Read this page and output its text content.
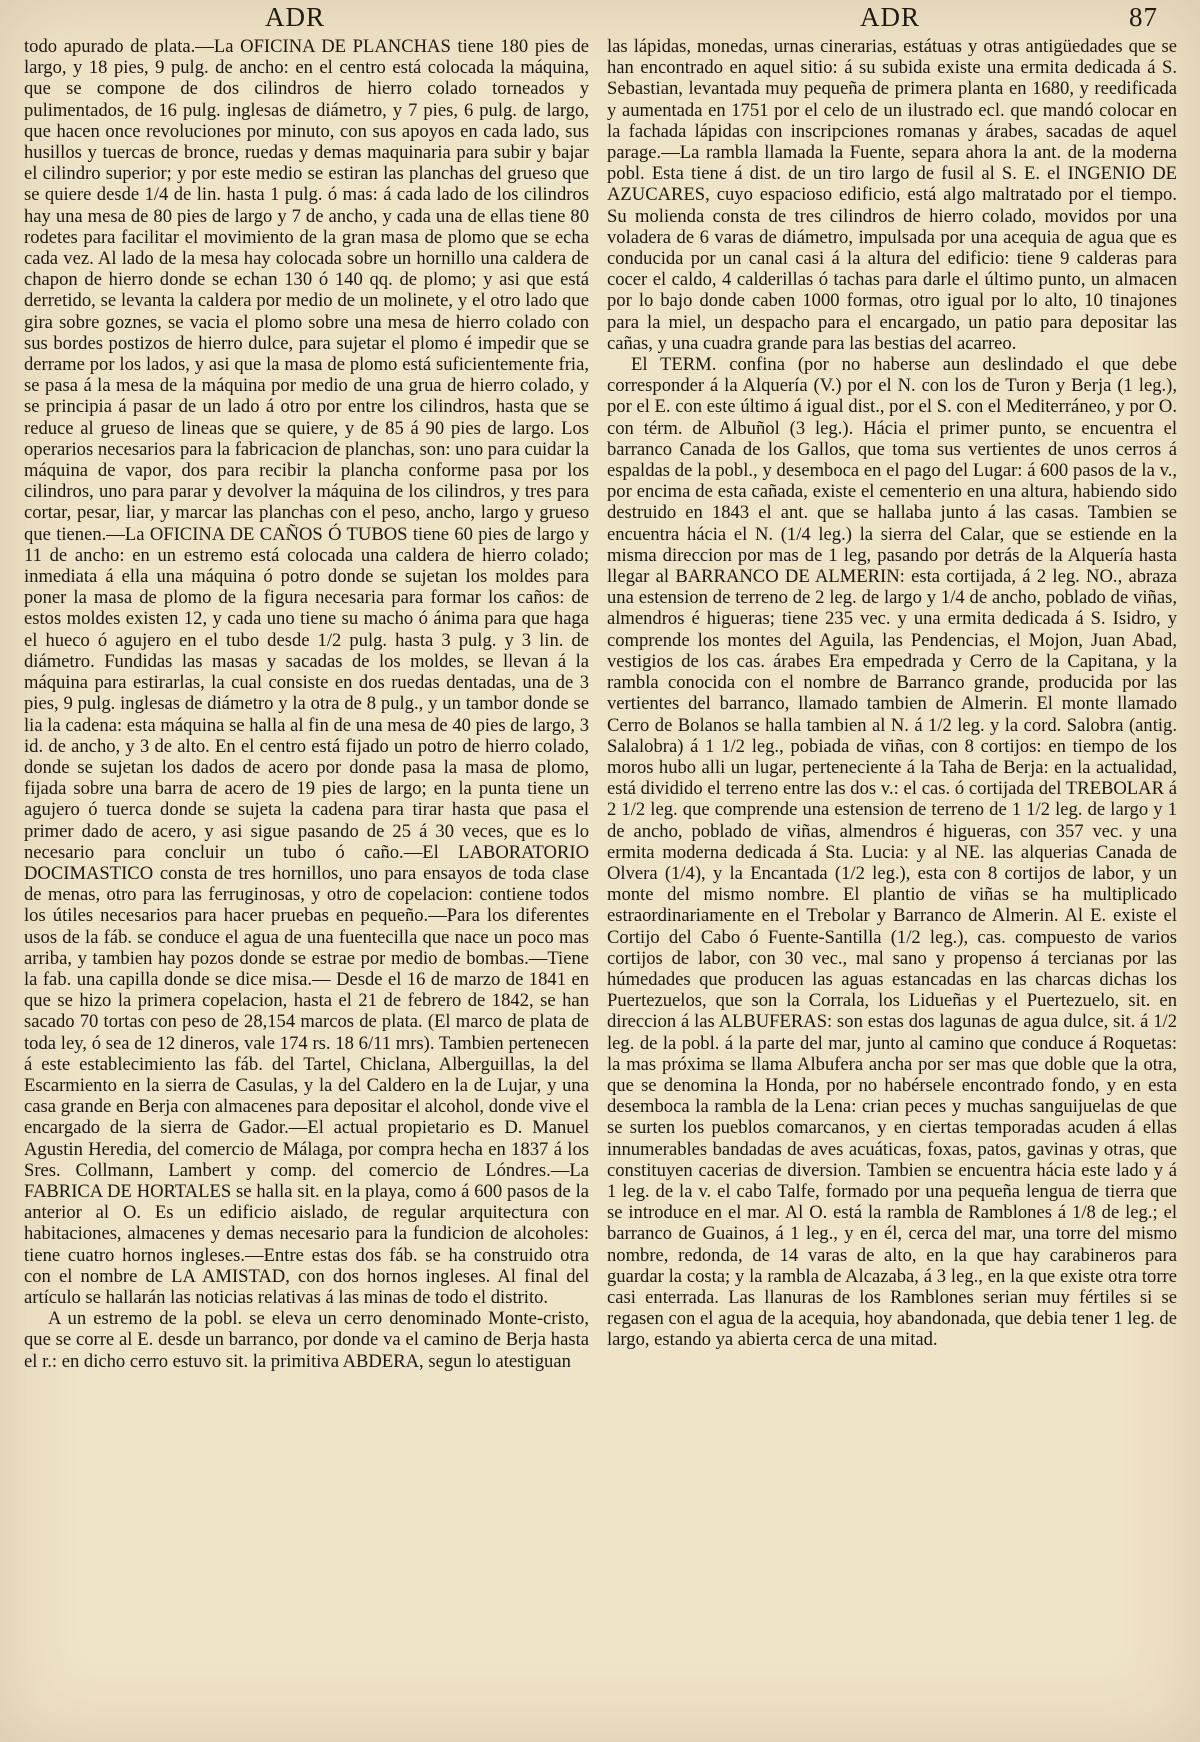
ADR	ADR	87

todo apurado de plata.—La OFICINA DE PLANCHAS tiene 180 pies de largo, y 18 pies, 9 pulg. de ancho: en el centro está colocada la máquina, que se compone de dos cilindros de hierro colado torneados y pulimentados, de 16 pulg. inglesas de diámetro, y 7 pies, 6 pulg. de largo, que hacen once revoluciones por minuto, con sus apoyos en cada lado, sus husillos y tuercas de bronce, ruedas y demas maquinaria para subir y bajar el cilindro superior; y por este medio se estiran las planchas del grueso que se quiere desde 1/4 de lin. hasta 1 pulg. ó mas: á cada lado de los cilindros hay una mesa de 80 pies de largo y 7 de ancho, y cada una de ellas tiene 80 rodetes para facilitar el movimiento de la gran masa de plomo que se echa cada vez. Al lado de la mesa hay colocada sobre un hornillo una caldera de chapon de hierro donde se echan 130 ó 140 qq. de plomo; y asi que está derretido, se levanta la caldera por medio de un molinete, y el otro lado que gira sobre goznes, se vacia el plomo sobre una mesa de hierro colado con sus bordes postizos de hierro dulce, para sujetar el plomo é impedir que se derrame por los lados, y asi que la masa de plomo está suficientemente fria, se pasa á la mesa de la máquina por medio de una grua de hierro colado, y se principia á pasar de un lado á otro por entre los cilindros, hasta que se reduce al grueso de lineas que se quiere, y de 85 á 90 pies de largo. Los operarios necesarios para la fabricacion de planchas, son: uno para cuidar la máquina de vapor, dos para recibir la plancha conforme pasa por los cilindros, uno para parar y devolver la máquina de los cilindros, y tres para cortar, pesar, liar, y marcar las planchas con el peso, ancho, largo y grueso que tienen.—La OFICINA DE CAÑOS Ó TUBOS tiene 60 pies de largo y 11 de ancho: en un estremo está colocada una caldera de hierro colado; inmediata á ella una máquina ó potro donde se sujetan los moldes para poner la masa de plomo de la figura necesaria para formar los caños: de estos moldes existen 12, y cada uno tiene su macho ó ánima para que haga el hueco ó agujero en el tubo desde 1/2 pulg. hasta 3 pulg. y 3 lin. de diámetro. Fundidas las masas y sacadas de los moldes, se llevan á la máquina para estirarlas, la cual consiste en dos ruedas dentadas, una de 3 pies, 9 pulg. inglesas de diámetro y la otra de 8 pulg., y un tambor donde se lia la cadena: esta máquina se halla al fin de una mesa de 40 pies de largo, 3 id. de ancho, y 3 de alto. En el centro está fijado un potro de hierro colado, donde se sujetan los dados de acero por donde pasa la masa de plomo, fijada sobre una barra de acero de 19 pies de largo; en la punta tiene un agujero ó tuerca donde se sujeta la cadena para tirar hasta que pasa el primer dado de acero, y asi sigue pasando de 25 á 30 veces, que es lo necesario para concluir un tubo ó caño.—El LABORATORIO DOCIMASTICO consta de tres hornillos, uno para ensayos de toda clase de menas, otro para las ferruginosas, y otro de copelacion: contiene todos los útiles necesarios para hacer pruebas en pequeño.—Para los diferentes usos de la fáb. se conduce el agua de una fuentecilla que nace un poco mas arriba, y tambien hay pozos donde se estrae por medio de bombas.—Tiene la fab. una capilla donde se dice misa.— Desde el 16 de marzo de 1841 en que se hizo la primera copelacion, hasta el 21 de febrero de 1842, se han sacado 70 tortas con peso de 28,154 marcos de plata. (El marco de plata de toda ley, ó sea de 12 dineros, vale 174 rs. 18 6/11 mrs). Tambien pertenecen á este establecimiento las fáb. del Tartel, Chiclana, Alberguillas, la del Escarmiento en la sierra de Casulas, y la del Caldero en la de Lujar, y una casa grande en Berja con almacenes para depositar el alcohol, donde vive el encargado de la sierra de Gador.—El actual propietario es D. Manuel Agustin Heredia, del comercio de Málaga, por compra hecha en 1837 á los Sres. Collmann, Lambert y comp. del comercio de Lóndres.—La FABRICA DE HORTALES se halla sit. en la playa, como á 600 pasos de la anterior al O. Es un edificio aislado, de regular arquitectura con habitaciones, almacenes y demas necesario para la fundicion de alcoholes: tiene cuatro hornos ingleses.—Entre estas dos fáb. se ha construido otra con el nombre de LA AMISTAD, con dos hornos ingleses. Al final del artículo se hallarán las noticias relativas á las minas de todo el distrito.

A un estremo de la pobl. se eleva un cerro denominado Monte-cristo, que se corre al E. desde un barranco, por donde va el camino de Berja hasta el r.: en dicho cerro estuvo sit. la primitiva ABDERA, segun lo atestiguan

las lápidas, monedas, urnas cinerarias, estátuas y otras antigüedades que se han encontrado en aquel sitio: á su subida existe una ermita dedicada á S. Sebastian, levantada muy pequeña de primera planta en 1680, y reedificada y aumentada en 1751 por el celo de un ilustrado ecl. que mandó colocar en la fachada lápidas con inscripciones romanas y árabes, sacadas de aquel parage.—La rambla llamada la Fuente, separa ahora la ant. de la moderna pobl. Esta tiene á dist. de un tiro largo de fusil al S. E. el INGENIO DE AZUCARES, cuyo espacioso edificio, está algo maltratado por el tiempo. Su molienda consta de tres cilindros de hierro colado, movidos por una voladera de 6 varas de diámetro, impulsada por una acequia de agua que es conducida por un canal casi á la altura del edificio: tiene 9 calderas para cocer el caldo, 4 calderillas ó tachas para darle el último punto, un almacen por lo bajo donde caben 1000 formas, otro igual por lo alto, 10 tinajones para la miel, un despacho para el encargado, un patio para depositar las cañas, y una cuadra grande para las bestias del acarreo.

El TERM. confina (por no haberse aun deslindado el que debe corresponder á la Alquería (V.) por el N. con los de Turon y Berja (1 leg.), por el E. con este último á igual dist., por el S. con el Mediterráneo, y por O. con térm. de Albuñol (3 leg.). Hácia el primer punto, se encuentra el barranco Canada de los Gallos, que toma sus vertientes de unos cerros á espaldas de la pobl., y desemboca en el pago del Lugar: á 600 pasos de la v., por encima de esta cañada, existe el cementerio en una altura, habiendo sido destruido en 1843 el ant. que se hallaba junto á las casas. Tambien se encuentra hácia el N. (1/4 leg.) la sierra del Calar, que se estiende en la misma direccion por mas de 1 leg, pasando por detrás de la Alquería hasta llegar al BARRANCO DE ALMERIN: esta cortijada, á 2 leg. NO., abraza una estension de terreno de 2 leg. de largo y 1/4 de ancho, poblado de viñas, almendros é higueras; tiene 235 vec. y una ermita dedicada á S. Isidro, y comprende los montes del Aguila, las Pendencias, el Mojon, Juan Abad, vestigios de los cas. árabes Era empedrada y Cerro de la Capitana, y la rambla conocida con el nombre de Barranco grande, producida por las vertientes del barranco, llamado tambien de Almerin. El monte llamado Cerro de Bolanos se halla tambien al N. á 1/2 leg. y la cord. Salobra (antig. Salalobra) á 1 1/2 leg., pobiada de viñas, con 8 cortijos: en tiempo de los moros hubo alli un lugar, perteneciente á la Taha de Berja: en la actualidad, está dividido el terreno entre las dos v.: el cas. ó cortijada del TREBOLAR á 2 1/2 leg. que comprende una estension de terreno de 1 1/2 leg. de largo y 1 de ancho, poblado de viñas, almendros é higueras, con 357 vec. y una ermita moderna dedicada á Sta. Lucia: y al NE. las alquerias Canada de Olvera (1/4), y la Encantada (1/2 leg.), esta con 8 cortijos de labor, y un monte del mismo nombre. El plantio de viñas se ha multiplicado estraordinariamente en el Trebolar y Barranco de Almerin. Al E. existe el Cortijo del Cabo ó Fuente-Santilla (1/2 leg.), cas. compuesto de varios cortijos de labor, con 30 vec., mal sano y propenso á tercianas por las húmedades que producen las aguas estancadas en las charcas dichas los Puertezuelos, que son la Corrala, los Lidueñas y el Puertezuelo, sit. en direccion á las ALBUFERAS: son estas dos lagunas de agua dulce, sit. á 1/2 leg. de la pobl. á la parte del mar, junto al camino que conduce á Roquetas: la mas próxima se llama Albufera ancha por ser mas que doble que la otra, que se denomina la Honda, por no habérsele encontrado fondo, y en esta desemboca la rambla de la Lena: crian peces y muchas sanguijuelas de que se surten los pueblos comarcanos, y en ciertas temporadas acuden á ellas innumerables bandadas de aves acuáticas, foxas, patos, gavinas y otras, que constituyen cacerias de diversion. Tambien se encuentra hácia este lado y á 1 leg. de la v. el cabo Talfe, formado por una pequeña lengua de tierra que se introduce en el mar. Al O. está la rambla de Ramblones á 1/8 de leg.; el barranco de Guainos, á 1 leg., y en él, cerca del mar, una torre del mismo nombre, redonda, de 14 varas de alto, en la que hay carabineros para guardar la costa; y la rambla de Alcazaba, á 3 leg., en la que existe otra torre casi enterrada. Las llanuras de los Ramblones serian muy fértiles si se regasen con el agua de la acequia, hoy abandonada, que debia tener 1 leg. de largo, estando ya abierta cerca de una mitad.
